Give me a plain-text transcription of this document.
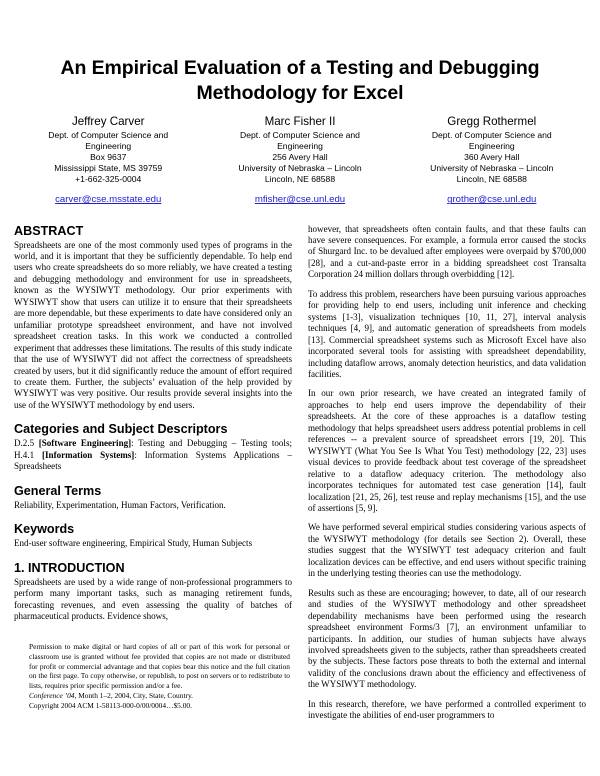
An Empirical Evaluation of a Testing and Debugging Methodology for Excel
Jeffrey Carver
Dept. of Computer Science and
Engineering
Box 9637
Mississippi State, MS 39759
+1-662-325-0004
carver@cse.msstate.edu
Marc Fisher II
Dept. of Computer Science and
Engineering
256 Avery Hall
University of Nebraska – Lincoln
Lincoln, NE 68588
mfisher@cse.unl.edu
Gregg Rothermel
Dept. of Computer Science and
Engineering
360 Avery Hall
University of Nebraska – Lincoln
Lincoln, NE 68588
grother@cse.unl.edu
ABSTRACT

Spreadsheets are one of the most commonly used types of programs in the world, and it is important that they be sufficiently dependable. To help end users who create spreadsheets do so more reliably, we have created a testing and debugging methodology and environment for use in spreadsheets, known as the WYSIWYT methodology. Our prior experiments with WYSIWYT show that users can utilize it to ensure that their spreadsheets are more dependable, but these experiments to date have considered only an unfamiliar prototype spreadsheet environment, and have not involved spreadsheet creation tasks. In this work we conducted a controlled experiment that addresses these limitations. The results of this study indicate that the use of WYSIWYT did not affect the correctness of spreadsheets created by users, but it did significantly reduce the amount of effort required to create them. Further, the subjects’ evaluation of the help provided by WYSIWYT was very positive. Our results provide several insights into the use of the WYSIWYT methodology by end users.

Categories and Subject Descriptors

D.2.5 [Software Engineering]: Testing and Debugging – Testing tools; H.4.1 [Information Systems]: Information Systems Applications – Spreadsheets

General Terms

Reliability, Experimentation, Human Factors, Verification.

Keywords

End-user software engineering, Empirical Study, Human Subjects

1. INTRODUCTION

Spreadsheets are used by a wide range of non-professional programmers to perform many important tasks, such as managing retirement funds, forecasting revenues, and even assessing the quality of batches of pharmaceutical products. Evidence shows,

Permission to make digital or hard copies of all or part of this work for personal or classroom use is granted without fee provided that copies are not made or distributed for profit or commercial advantage and that copies bear this notice and the full citation on the first page. To copy otherwise, or republish, to post on servers or to redistribute to lists, requires prior specific permission and/or a fee.

Conference ’04, Month 1–2, 2004, City, State, Country.

Copyright 2004 ACM 1-58113-000-0/00/0004…$5.00.

however, that spreadsheets often contain faults, and that these faults can have severe consequences. For example, a formula error caused the stocks of Shurgard Inc. to be devalued after employees were overpaid by $700,000 [28], and a cut-and-paste error in a bidding spreadsheet cost Transalta Corporation 24 million dollars through overbidding [12].

To address this problem, researchers have been pursuing various approaches for providing help to end users, including unit inference and checking systems [1-3], visualization techniques [10, 11, 27], interval analysis techniques [4, 9], and automatic generation of spreadsheets from models [13]. Commercial spreadsheet systems such as Microsoft Excel have also incorporated several tools for assisting with spreadsheet dependability, including dataflow arrows, anomaly detection heuristics, and data validation facilities.

In our own prior research, we have created an integrated family of approaches to help end users improve the dependability of their spreadsheets. At the core of these approaches is a dataflow testing methodology that helps spreadsheet users address potential problems in cell references -- a prevalent source of spreadsheet errors [19, 20]. This WYSIWYT (What You See Is What You Test) methodology [22, 23] uses visual devices to provide feedback about test coverage of the spreadsheet relative to a dataflow adequacy criterion. The methodology also incorporates techniques for automated test case generation [14], fault localization [21, 25, 26], test reuse and replay mechanisms [15], and the use of assertions [5, 9].

We have performed several empirical studies considering various aspects of the WYSIWYT methodology (for details see Section 2). Overall, these studies suggest that the WYSIWYT test adequacy criterion and fault localization devices can be effective, and end users without specific training in the underlying testing theories can use the methodology.

Results such as these are encouraging; however, to date, all of our research and studies of the WYSIWYT methodology and other spreadsheet dependability mechanisms have been performed using the research spreadsheet environment Forms/3 [7], an environment unfamiliar to participants. In addition, our studies of human subjects have always involved spreadsheets given to the subjects, rather than spreadsheets created by the subjects. These factors pose threats to both the external and internal validity of the conclusions drawn about the efficiency and effectiveness of the WYSIWYT methodology.

In this research, therefore, we have performed a controlled experiment to investigate the abilities of end-user programmers to
